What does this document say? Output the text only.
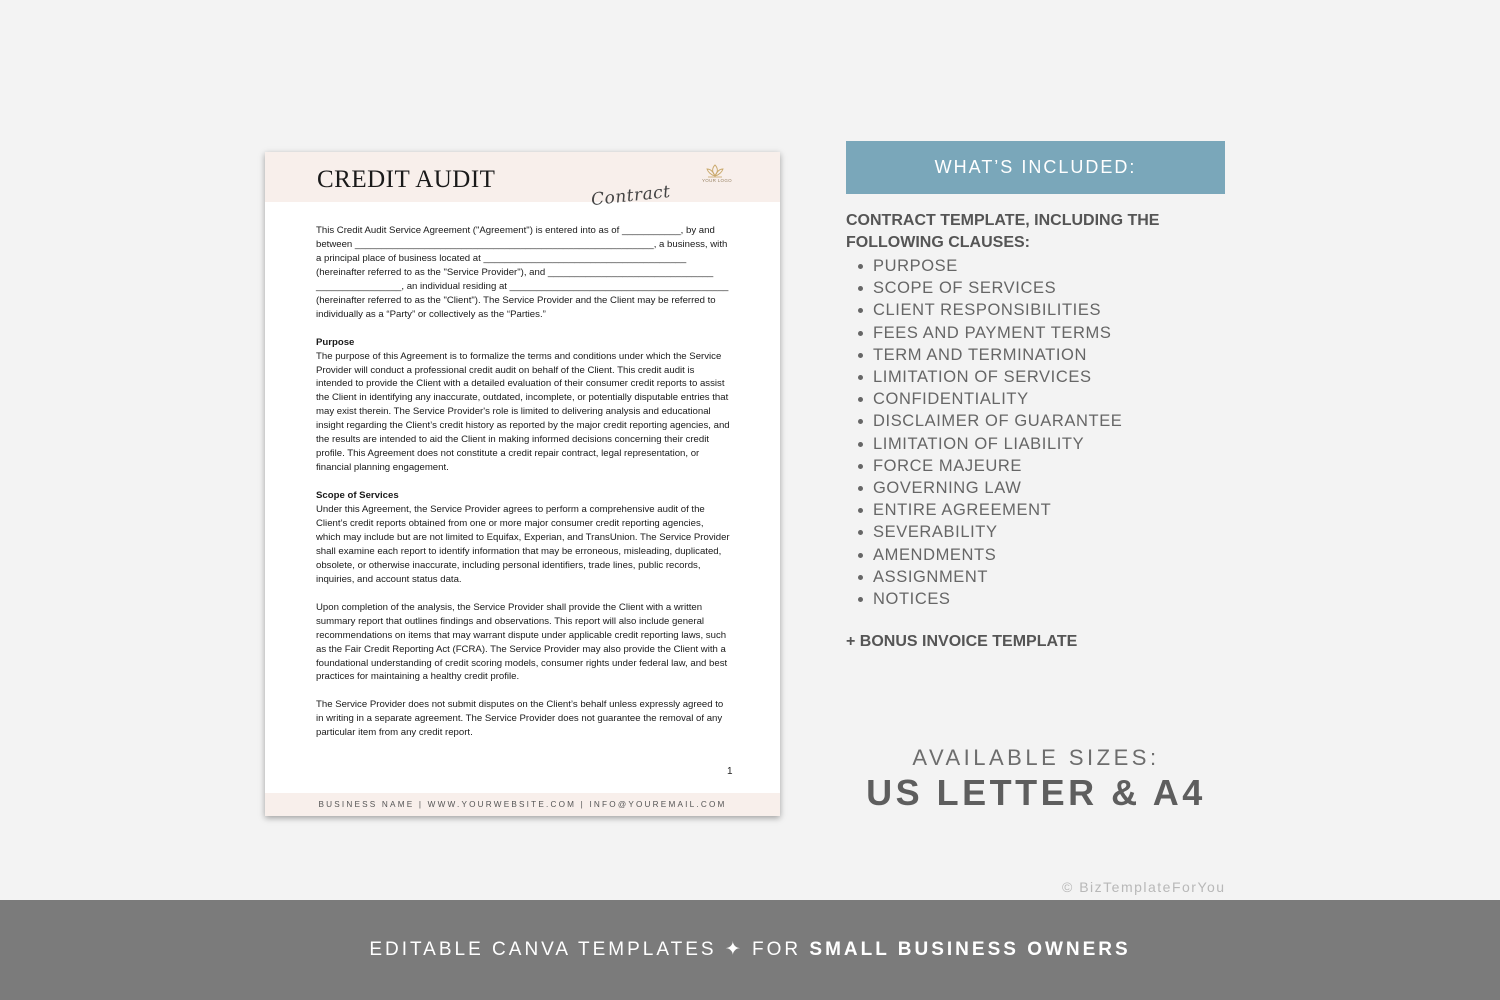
CREDIT AUDIT
Contract
YOUR LOGO

This Credit Audit Service Agreement ("Agreement") is entered into as of ___________, by and between ________________________________________________________, a business, with a principal place of business located at ______________________________________ (hereinafter referred to as the "Service Provider"), and _______________________________ ________________, an individual residing at _________________________________________ (hereinafter referred to as the "Client"). The Service Provider and the Client may be referred to individually as a “Party” or collectively as the “Parties.”

Purpose

The purpose of this Agreement is to formalize the terms and conditions under which the Service Provider will conduct a professional credit audit on behalf of the Client. This credit audit is intended to provide the Client with a detailed evaluation of their consumer credit reports to assist the Client in identifying any inaccurate, outdated, incomplete, or potentially disputable entries that may exist therein. The Service Provider's role is limited to delivering analysis and educational insight regarding the Client’s credit history as reported by the major credit reporting agencies, and the results are intended to aid the Client in making informed decisions concerning their credit profile. This Agreement does not constitute a credit repair contract, legal representation, or financial planning engagement.

Scope of Services

Under this Agreement, the Service Provider agrees to perform a comprehensive audit of the Client’s credit reports obtained from one or more major consumer credit reporting agencies, which may include but are not limited to Equifax, Experian, and TransUnion. The Service Provider shall examine each report to identify information that may be erroneous, misleading, duplicated, obsolete, or otherwise inaccurate, including personal identifiers, trade lines, public records, inquiries, and account status data.

Upon completion of the analysis, the Service Provider shall provide the Client with a written summary report that outlines findings and observations. This report will also include general recommendations on items that may warrant dispute under applicable credit reporting laws, such as the Fair Credit Reporting Act (FCRA). The Service Provider may also provide the Client with a foundational understanding of credit scoring models, consumer rights under federal law, and best practices for maintaining a healthy credit profile.

The Service Provider does not submit disputes on the Client’s behalf unless expressly agreed to in writing in a separate agreement. The Service Provider does not guarantee the removal of any particular item from any credit report.

1
BUSINESS NAME | WWW.YOURWEBSITE.COM | INFO@YOUREMAIL.COM
WHAT’S INCLUDED:
CONTRACT TEMPLATE, INCLUDING THE FOLLOWING CLAUSES:
PURPOSE
SCOPE OF SERVICES
CLIENT RESPONSIBILITIES
FEES AND PAYMENT TERMS
TERM AND TERMINATION
LIMITATION OF SERVICES
CONFIDENTIALITY
DISCLAIMER OF GUARANTEE
LIMITATION OF LIABILITY
FORCE MAJEURE
GOVERNING LAW
ENTIRE AGREEMENT
SEVERABILITY
AMENDMENTS
ASSIGNMENT
NOTICES
+ BONUS INVOICE TEMPLATE
AVAILABLE SIZES:
US LETTER & A4
© BizTemplateForYou
EDITABLE CANVA TEMPLATES ✦ FOR SMALL BUSINESS OWNERS
